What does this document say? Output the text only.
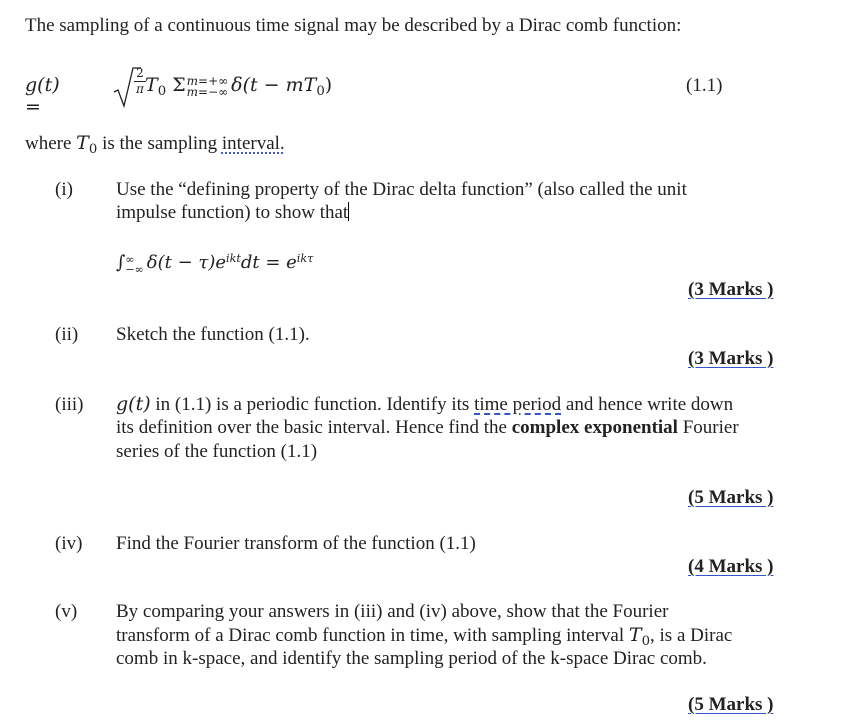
The sampling of a continuous time signal may be described by a Dirac comb function:
g(t) =
$\frac{2}{\pi} T_0$ Σ m=+∞
m=−∞ $\delta(t - mT_0)$	(1.1)
where $T_0$ is the sampling interval.
(i) Use the “defining property of the Dirac delta function” (also called the unit
impulse function) to show that
∫ ∞
−∞ $\delta(t - \tau)e^{ikt}dt = e^{ik\tau}$
(3 Marks )
(ii) Sketch the function (1.1).
(3 Marks )
(iii) g(t) in (1.1) is a periodic function. Identify its time period and hence write down
its definition over the basic interval. Hence find the complex exponential Fourier
series of the function (1.1)
(5 Marks )
(iv) Find the Fourier transform of the function (1.1)
(4 Marks )
(v) By comparing your answers in (iii) and (iv) above, show that the Fourier
transform of a Dirac comb function in time, with sampling interval $T_0$, is a Dirac
comb in k-space, and identify the sampling period of the k-space Dirac comb.
(5 Marks )
